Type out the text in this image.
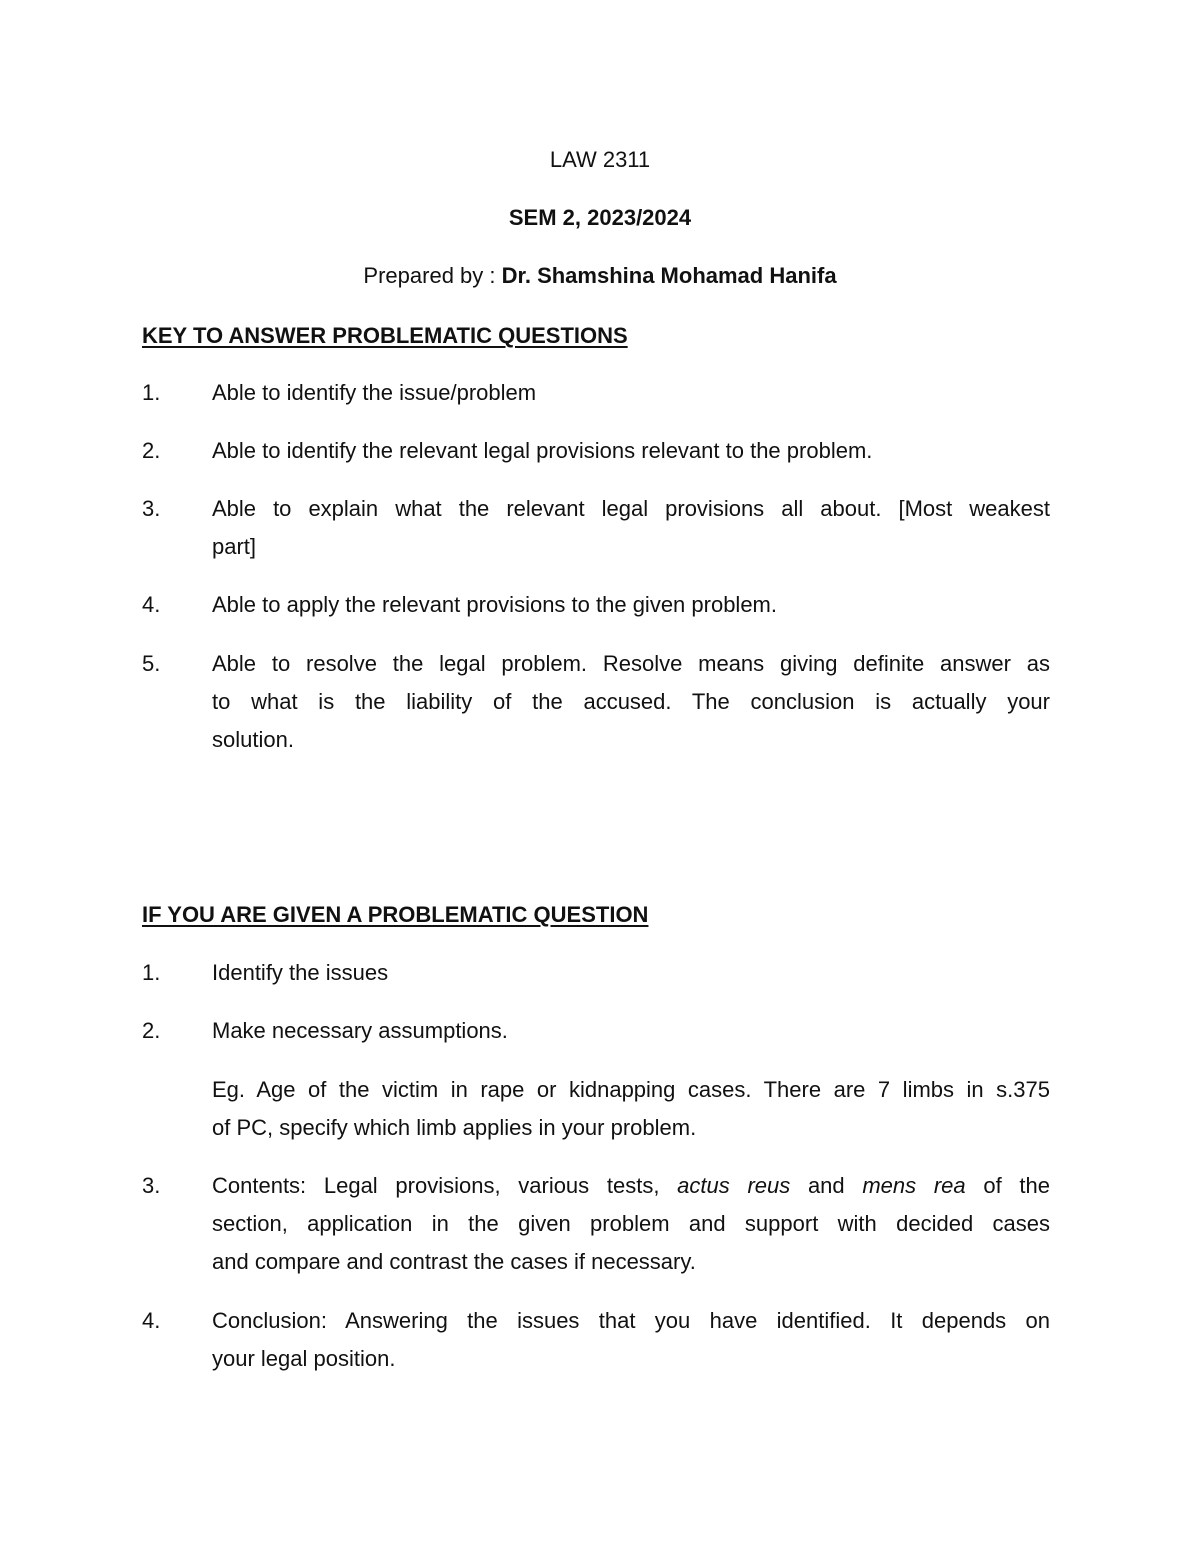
LAW 2311
SEM 2, 2023/2024
Prepared by : Dr. Shamshina Mohamad Hanifa
KEY TO ANSWER PROBLEMATIC QUESTIONS
1. Able to identify the issue/problem
2. Able to identify the relevant legal provisions relevant to the problem.
3. Able to explain what the relevant legal provisions all about. [Most weakest
part]
4. Able to apply the relevant provisions to the given problem.
5. Able to resolve the legal problem. Resolve means giving definite answer as
to what is the liability of the accused. The conclusion is actually your
solution.
IF YOU ARE GIVEN A PROBLEMATIC QUESTION
1. Identify the issues
2. Make necessary assumptions.
Eg. Age of the victim in rape or kidnapping cases. There are 7 limbs in s.375
of PC, specify which limb applies in your problem.
3. Contents: Legal provisions, various tests, actus reus and mens rea of the
section, application in the given problem and support with decided cases
and compare and contrast the cases if necessary.
4. Conclusion: Answering the issues that you have identified. It depends on
your legal position.
